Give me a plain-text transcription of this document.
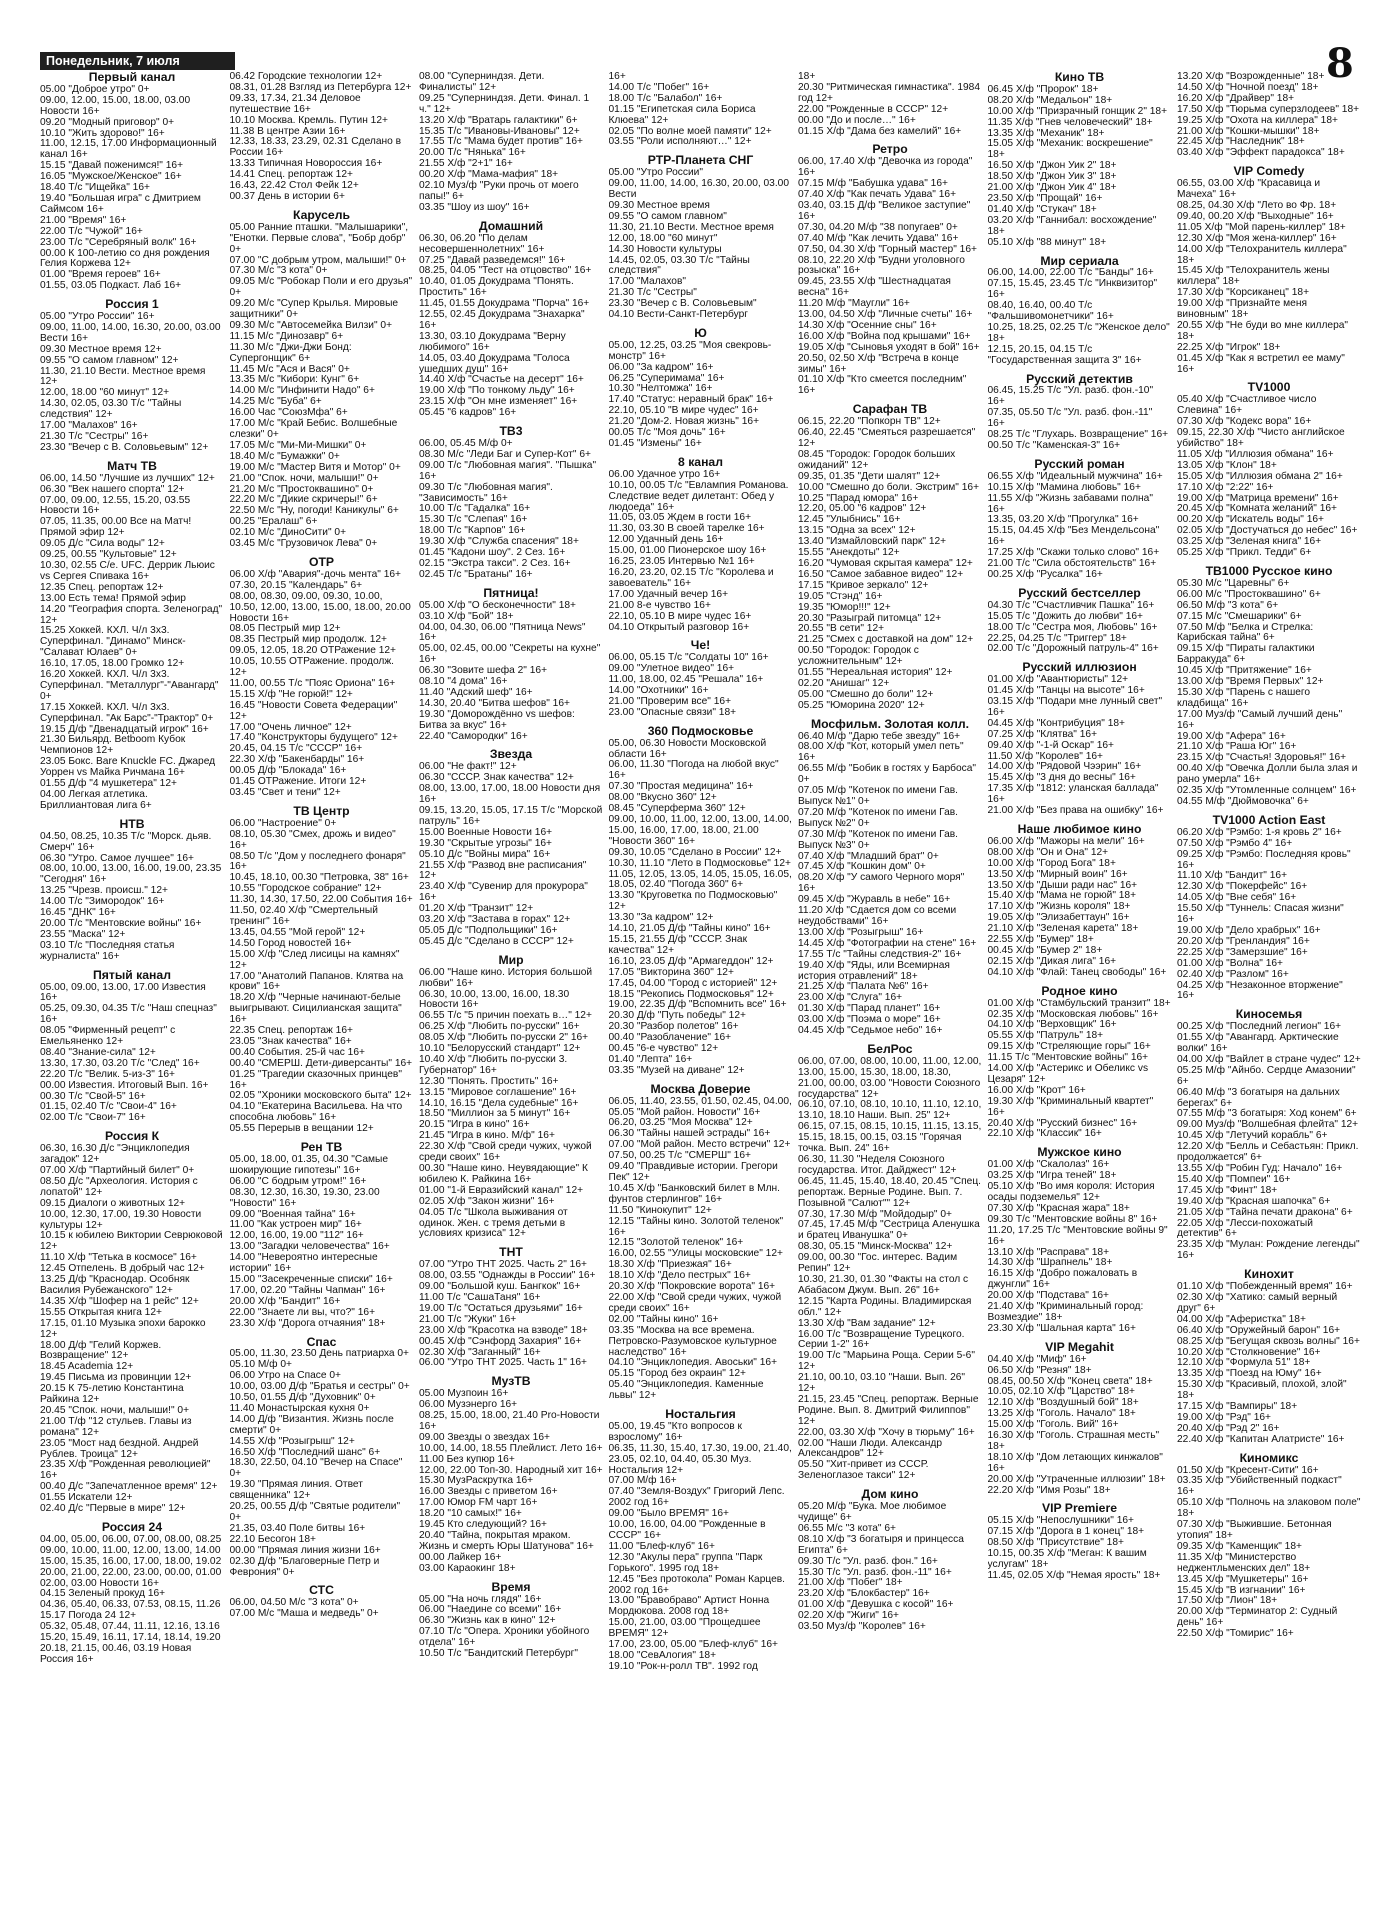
Понедельник, 7 июля	8
Первый канал
05.00 "Доброе утро" 0+
09.00, 12.00, 15.00, 18.00, 03.00 Новости 16+
09.20 "Модный приговор" 0+
10.10 "Жить здорово!" 16+
11.00, 12.15, 17.00 Информационный канал 16+
15.15 "Давай поженимся!" 16+
16.05 "Мужское/Женское" 16+
18.40 Т/с "Ищейка" 16+
19.40 "Большая игра" с Дмитрием Саймсом 16+
21.00 "Время" 16+
22.00 Т/с "Чужой" 16+
23.00 Т/с "Серебряный волк" 16+
00.00 К 100-летию со дня рождения Гелия Коржева 12+
01.00 "Время героев" 16+
01.55, 03.05 Подкаст. Лаб 16+
Россия 1
05.00 "Утро России" 16+
09.00, 11.00, 14.00, 16.30, 20.00, 03.00 Вести 16+
09.30 Местное время 12+
09.55 "О самом главном" 12+
11.30, 21.10 Вести. Местное время 12+
12.00, 18.00 "60 минут" 12+
14.30, 02.05, 03.30 Т/с "Тайны следствия" 12+
17.00 "Малахов" 16+
21.30 Т/с "Сестры" 16+
23.30 "Вечер с В. Соловьевым" 12+
Матч ТВ
06.00, 14.50 "Лучшие из лучших" 12+
06.30 "Век нашего спорта" 12+
07.00, 09.00, 12.55, 15.20, 03.55 Новости 16+
07.05, 11.35, 00.00 Все на Матч! Прямой эфир 12+
09.05 Д/с "Сила воды" 12+
09.25, 00.55 "Культовые" 12+
10.30, 02.55 С/е. UFC. Деррик Льюис vs Сергея Спивака 16+
12.35 Спец. репортаж 12+
13.00 Есть тема! Прямой эфир
14.20 "География спорта. Зеленоград" 12+
15.25 Хоккей. КХЛ. Ч/л 3х3. Суперфинал. "Динамо" Минск-"Салават Юлаев" 0+
16.10, 17.05, 18.00 Громко 12+
16.20 Хоккей. КХЛ. Ч/л 3х3. Суперфинал. "Металлург"-"Авангард" 0+
17.15 Хоккей. КХЛ. Ч/л 3х3. Суперфинал. "Ак Барс"-"Трактор" 0+
19.15 Д/ф "Двенадцатый игрок" 16+
21.30 Бильярд. Betboom Кубок Чемпионов 12+
23.05 Бокс. Bare Knuckle FC. Джаред Уоррен vs Майка Ричмана 16+
01.55 Д/ф "4 мушкетера" 12+
04.00 Легкая атлетика. Бриллиантовая лига 6+
НТВ
04.50, 08.25, 10.35 Т/с "Морск. дьяв. Смерч" 16+
06.30 "Утро. Самое лучшее" 16+
08.00, 10.00, 13.00, 16.00, 19.00, 23.35 "Сегодня" 16+
13.25 "Чрезв. происш." 12+
14.00 Т/с "Зимородок" 16+
16.45 "ДНК" 16+
20.00 Т/с "Ментовские войны" 16+
23.55 "Маска" 12+
03.10 Т/с "Последняя статья журналиста" 16+
Пятый канал
05.00, 09.00, 13.00, 17.00 Известия 16+
05.25, 09.30, 04.35 Т/с "Наш спецназ" 16+
08.05 "Фирменный рецепт" с Емельяненко 12+
08.40 "Знание-сила" 12+
13.30, 17.30, 03.20 Т/с "След" 16+
22.20 Т/с "Велик. 5-из-3" 16+
00.00 Известия. Итоговый Вып. 16+
00.30 Т/с "Свой-5" 16+
01.15, 02.40 Т/с "Свои-4" 16+
02.00 Т/с "Свои-7" 16+
Россия К
06.30, 16.30 Д/с "Энциклопедия загадок" 12+
07.00 Х/ф "Партийный билет" 0+
08.50 Д/с "Археология. История с лопатой" 12+
09.15 Диалоги о животных 12+
10.00, 12.30, 17.00, 19.30 Новости культуры 12+
10.15 к юбилею Виктории Севрюковой 12+
11.10 Х/ф "Тетька в космосе" 16+
12.45 Отпелень. В добрый час 12+
13.25 Д/ф "Краснодар. Особняк Василия Рубежанского" 12+
14.35 Х/ф "Шофер на 1 рейс" 12+
15.55 Открытая книга 12+
17.15, 01.10 Музыка эпохи барокко 12+
18.00 Д/ф "Гелий Коржев. Возвращение" 12+
18.45 Academia 12+
19.45 Письма из провинции 12+
20.15 К 75-летию Константина Райкина 12+
20.45 "Спок. ночи, малыши!" 0+
21.00 Т/ф "12 стульев. Главы из романа" 12+
23.05 "Мост над бездной. Андрей Рублев. Троица" 12+
23.35 Х/ф "Рожденная революцией" 16+
00.40 Д/с "Запечатленное время" 12+
01.55 Искатели 12+
02.40 Д/с "Первые в мире" 12+
Россия 24
04.00, 05.00, 06.00, 07.00, 08.00, 08.25 09.00, 10.00, 11.00, 12.00, 13.00, 14.00 15.00, 15.35, 16.00, 17.00, 18.00, 19.02 20.00, 21.00, 22.00, 23.00, 00.00, 01.00 02.00, 03.00 Новости 16+
04.15 Зеленый прокуд 16+
04.36, 05.40, 06.33, 07.53, 08.15, 11.26 15.17 Погода 24 12+
05.32, 05.48, 07.44, 11.11, 12.16, 13.16 15.20, 15.49, 16.11, 17.14, 18.14, 19.20 20.18, 21.15, 00.46, 03.19 Новая Россия 16+
06.42 Городские технологии 12+
08.31, 01.28 Взгляд из Петербурга 12+
09.33, 17.34, 21.34 Деловое путешествие 16+
10.10 Москва. Кремль. Путин 12+
11.38 В центре Азии 16+
12.33, 18.33, 23.29, 02.31 Сделано в России 16+
13.33 Типичная Новороссия 16+
14.41 Спец. репортаж 12+
16.43, 22.42 Стол Фейк 12+
00.37 День в истории 6+
Карусель
05.00 Ранние пташки. "Малышарики", "Енотки. Первые слова", "Бобр добр" 0+
07.00 "С добрым утром, малыши!" 0+
07.30 М/с "3 кота" 0+
09.05 М/с "Робокар Поли и его друзья" 0+
09.20 М/с "Супер Крылья. Мировые защитники" 0+
09.30 М/с "Автосемейка Вилзи" 0+
11.15 М/с "Динозавр" 6+
11.30 М/с "Джи-Джи Бонд: Супергонщик" 6+
11.45 М/с "Ася и Вася" 0+
13.35 М/с "Кибори: Кунг" 6+
14.00 М/с "Инфинити Надо" 6+
14.25 М/с "Буба" 6+
16.00 Час "СоюзМфа" 6+
17.00 М/с "Край Бебис. Волшебные слезки" 0+
17.05 М/с "Ми-Ми-Мишки" 0+
18.40 М/с "Бумажки" 0+
19.00 М/с "Мастер Витя и Мотор" 0+
21.00 "Спок. ночи, малыши!" 0+
21.20 М/с "Простоквашино" 0+
22.20 М/с "Дикие скричеры!" 6+
22.50 М/с "Ну, погоди! Каникулы" 6+
00.25 "Ералаш" 6+
02.10 М/с "ДиноСити" 0+
03.45 М/с "Грузовичок Лева" 0+
ОТР
06.00 Х/ф "Авария"-дочь мента" 16+
07.30, 20.15 "Календарь" 6+
08.00, 08.30, 09.00, 09.30, 10.00, 10.50, 12.00, 13.00, 15.00, 18.00, 20.00 Новости 16+
08.05 Пестрый мир 12+
08.35 Пестрый мир продолж. 12+
09.05, 12.05, 18.20 ОТРажение 12+
10.05, 10.55 ОТРажение. продолж. 12+
11.00, 00.55 Т/с "Пояс Ориона" 16+
15.15 Х/ф "Не горюй!" 12+
16.45 "Новости Совета Федерации" 12+
17.00 "Очень личное" 12+
17.40 "Конструкторы будущего" 12+
20.45, 04.15 Т/с "СССР" 16+
22.30 Х/ф "Бакенбарды" 16+
00.05 Д/ф "Блокада" 16+
01.45 ОТРажение. Итоги 12+
03.45 "Свет и тени" 12+
ТВ Центр
06.00 "Настроение" 0+
08.10, 05.30 "Смех, дрожь и видео" 16+
08.50 Т/с "Дом у последнего фонаря" 16+
10.45, 18.10, 00.30 "Петровка, 38" 16+
10.55 "Городское собрание" 12+
11.30, 14.30, 17.50, 22.00 События 16+
11.50, 02.40 Х/ф "Смертельный тренинг" 16+
13.45, 04.55 "Мой герой" 12+
14.50 Город новостей 16+
15.00 Х/ф "След лисицы на камнях" 12+
17.00 "Анатолий Папанов. Клятва на крови" 16+
18.20 Х/ф "Черные начинают-белые выигрывают. Сицилианская защита" 16+
22.35 Спец. репортаж 16+
23.05 "Знак качества" 16+
00.40 События. 25-й час 16+
00.40 "СМЕРШ. Дети-диверсанты" 16+
01.25 "Трагедии сказочных принцев" 16+
02.05 "Хроники московского быта" 12+
04.10 "Екатерина Васильева. На что способна любовь" 16+
05.55 Перерыв в вещании 12+
Рен ТВ
05.00, 18.00, 01.35, 04.30 "Самые шокирующие гипотезы" 16+
06.00 "С бодрым утром!" 16+
08.30, 12.30, 16.30, 19.30, 23.00 "Новости" 16+
09.00 "Военная тайна" 16+
11.00 "Как устроен мир" 16+
12.00, 16.00, 19.00 "112" 16+
13.00 "Загадки человечества" 16+
14.00 "Невероятно интересные истории" 16+
15.00 "Засекреченные списки" 16+
17.00, 02.20 "Тайны Чапман" 16+
20.00 Х/ф "Бандит" 16+
22.00 "Знаете ли вы, что?" 16+
23.30 Х/ф "Дорога отчаяния" 18+
Спас
05.00, 11.30, 23.50 День патриарха 0+
05.10 М/ф 0+
06.00 Утро на Спасе 0+
10.00, 03.00 Д/ф "Братья и сестры" 0+
10.50, 01.55 Д/ф "Духовник" 0+
11.40 Монастырская кухня 0+
14.00 Д/ф "Византия. Жизнь после смерти" 0+
14.55 Х/ф "Розыгрыш" 12+
16.50 Х/ф "Последний шанс" 6+
18.30, 22.50, 04.10 "Вечер на Спасе" 0+
19.30 "Прямая линия. Ответ священника" 12+
20.25, 00.55 Д/ф "Святые родители" 0+
21.35, 03.40 Поле битвы 16+
22.10 Бесогон 18+
00.00 "Прямая линия жизни 16+
02.30 Д/ф "Благоверные Петр и Феврония" 0+
СТС
06.00, 04.50 М/с "3 кота" 0+
07.00 М/с "Маша и медведь" 0+
08.00 "Суперниндзя. Дети. Финалисты" 12+
09.25 "Суперниндзя. Дети. Финал. 1 ч." 12+
13.20 Х/ф "Вратарь галактики" 6+
15.35 Т/с "Ивановы-Ивановы" 12+
17.55 Т/с "Мама будет против" 16+
20.00 Т/с "Нянька" 16+
21.55 Х/ф "2+1" 16+
00.20 Х/ф "Мама-мафия" 18+
02.10 Муз/ф "Руки прочь от моего папы!" 6+
03.35 "Шоу из шоу" 16+
Домашний
06.30, 06.20 "По делам несовершеннолетних" 16+
07.25 "Давай разведемся!" 16+
08.25, 04.05 "Тест на отцовство" 16+
10.40, 01.05 Докудрама "Понять. Простить" 16+
11.45, 01.55 Докудрама "Порча" 16+
12.55, 02.45 Докудрама "Знахарка" 16+
13.30, 03.10 Докудрама "Верну любимого" 16+
14.05, 03.40 Докудрама "Голоса ушедших душ" 16+
14.40 Х/ф "Счастье на десерт" 16+
19.00 Х/ф "По тонкому льду" 16+
23.15 Х/ф "Он мне изменяет" 16+
05.45 "6 кадров" 16+
ТВ3
06.00, 05.45 М/ф 0+
08.30 М/с "Леди Баг и Супер-Кот" 6+
09.00 Т/с "Любовная магия". "Пышка" 16+
09.30 Т/с "Любовная магия". "Зависимость" 16+
10.00 Т/с "Гадалка" 16+
15.30 Т/с "Слепая" 16+
18.00 Т/с "Карпов" 16+
19.30 Х/ф "Служба спасения" 18+
01.45 "Кадони шоу". 2 Сез. 16+
02.15 "Экстра такси". 2 Сез. 16+
02.45 Т/с "Братаны" 16+
Пятница!
05.00 Х/ф "О бесконечности" 18+
03.10 Х/ф "Бой" 18+
04.00, 04.30, 06.00 "Пятница News" 16+
05.00, 02.45, 00.00 "Секреты на кухне" 16+
06.30 "Зовите шефа 2" 16+
08.10 "4 дома" 16+
11.40 "Адский шеф" 16+
14.30, 20.40 "Битва шефов" 16+
19.30 "Доморождённо vs шефов: Битва за вкус" 16+
22.40 "Самородки" 16+
Звезда
06.00 "Не факт!" 12+
06.30 "СССР. Знак качества" 12+
08.00, 13.00, 17.00, 18.00 Новости дня 16+
09.15, 13.20, 15.05, 17.15 Т/с "Морской патруль" 16+
15.00 Военные Новости 16+
19.30 "Скрытые угрозы" 16+
05.10 Д/с "Войны мира" 16+
21.55 Х/ф "Развод вне расписания" 12+
23.40 Х/ф "Сувенир для прокурора" 16+
01.20 Х/ф "Транзит" 12+
03.20 Х/ф "Застава в горах" 12+
05.05 Д/с "Подпольщики" 16+
05.45 Д/с "Сделано в СССР" 12+
Мир
06.00 "Наше кино. История большой любви" 16+
06.30, 10.00, 13.00, 16.00, 18.30 Новости 16+
06.55 Т/с "5 причин поехать в…" 12+
06.25 Х/ф "Любить по-русски" 16+
08.05 Х/ф "Любить по-русски 2" 16+
10.10 "Белорусский стандарт" 12+
10.40 Х/ф "Любить по-русски 3. Губернатор" 16+
12.30 "Понять. Простить" 16+
13.15 "Мировое соглашение" 16+
14.10, 16.15 "Дела судебные" 16+
18.50 "Миллион за 5 минут" 16+
20.15 "Игра в кино" 16+
21.45 "Игра в кино. М/ф" 16+
22.30 Х/ф "Свой среди чужих, чужой среди своих" 16+
00.30 "Наше кино. Неувядающие" К юбилею К. Райкина 16+
01.00 "1-й Евразийский канал" 12+
02.05 Х/ф "Закон жизни" 16+
04.05 Т/с "Школа выживания от одинок. Жен. с тремя детьми в условиях кризиса" 12+
ТНТ
07.00 "Утро ТНТ 2025. Часть 2" 16+
08.00, 03.55 "Однажды в России" 16+
09.00 "Большой куш. Бангкок" 16+
11.00 Т/с "СашаТаня" 16+
19.00 Т/с "Остаться друзьями" 16+
21.00 Т/с "Жуки" 16+
23.00 Х/ф "Красотка на взводе" 18+
00.45 Х/ф "Сэнфорд Захария" 16+
02.30 Х/ф "Заганный" 16+
06.00 "Утро ТНТ 2025. Часть 1" 16+
МузТВ
05.00 Музпоин 16+
06.00 Музэнерго 16+
08.25, 15.00, 18.00, 21.40 Pro-Новости 16+
09.00 Звезды о звездах 16+
10.00, 14.00, 18.55 Плейлист. Лето 16+
11.00 Без купюр 16+
12.00, 22.00 Топ-30. Народный хит 16+
15.30 МузРаскрутка 16+
16.00 Звезды с приветом 16+
17.00 Юмор FM чарт 16+
18.20 "10 самых!" 16+
19.45 Кто следующий? 16+
20.40 "Тайна, покрытая мраком. Жизнь и смерть Юры Шатунова" 16+
00.00 Лайкер 16+
03.00 Караокинг 18+
Время
05.00 "На ночь глядя" 16+
06.00 "Наедине со всеми" 16+
06.30 "Жизнь как в кино" 12+
07.10 Т/с "Опера. Хроники убойного отдела" 16+
10.50 Т/с "Бандитский Петербург"
16+
14.00 Т/с "Побег" 16+
18.00 Т/с "Балабол" 16+
01.15 "Египетская сила Бориса Клюева" 12+
02.05 "По волне моей памяти" 12+
03.55 "Роли исполняют…" 12+
РТР-Планета СНГ
05.00 "Утро России"
09.00, 11.00, 14.00, 16.30, 20.00, 03.00 Вести
09.30 Местное время
09.55 "О самом главном"
11.30, 21.10 Вести. Местное время
12.00, 18.00 "60 минут"
14.30 Новости культуры
14.45, 02.05, 03.30 Т/с "Тайны следствия"
17.00 "Малахов"
21.30 Т/с "Сестры"
23.30 "Вечер с В. Соловьевым"
04.10 Вести-Санкт-Петербург
Ю
05.00, 12.25, 03.25 "Моя свекровь-монстр" 16+
06.00 "За кадром" 16+
06.25 "Суперимама" 16+
10.30 "Нелтомжа" 16+
17.40 "Статус: неравный брак" 16+
22.10, 05.10 "В мире чудес" 16+
21.20 "Дом-2. Новая жизнь" 16+
00.05 Т/с "Моя дочь" 16+
01.45 "Измены" 16+
8 канал
06.00 Удачное утро 16+
10.10, 00.05 Т/с "Евлампия Романова. Следствие ведет дилетант: Обед у людоеда" 16+
11.05, 03.05 Ждем в гости 16+
11.30, 03.30 В своей тарелке 16+
12.00 Удачный день 16+
15.00, 01.00 Пионерское шоу 16+
16.25, 23.05 Интервью №1 16+
16.20, 23.20, 02.15 Т/с "Королева и завоеватель" 16+
17.00 Удачный вечер 16+
21.00 8-е чувство 16+
22.10, 05.10 В мире чудес 16+
04.10 Открытый разговор 16+
Че!
06.00, 05.15 Т/с "Солдаты 10" 16+
09.00 "Улетное видео" 16+
11.00, 18.00, 02.45 "Решала" 16+
14.00 "Охотники" 16+
21.00 "Проверим все" 16+
23.00 "Опасные связи" 18+
360 Подмосковье
05.00, 06.30 Новости Московской области 16+
06.00, 11.30 "Погода на любой вкус" 16+
07.30 "Простая медицина" 16+
08.00 "Вкусно 360" 12+
08.45 "Суперферма 360" 12+
09.00, 10.00, 11.00, 12.00, 13.00, 14.00, 15.00, 16.00, 17.00, 18.00, 21.00 "Новости 360" 16+
09.30, 10.05 "Сделано в России" 12+
10.30, 11.10 "Лето в Подмосковье" 12+
11.05, 12.05, 13.05, 14.05, 15.05, 16.05, 18.05, 02.40 "Погода 360" 6+
13.30 "Круговетка по Подмосковью" 12+
13.30 "За кадром" 12+
14.10, 21.05 Д/ф "Тайны кино" 16+
15.15, 21.55 Д/ф "СССР. Знак качества" 12+
16.10, 23.05 Д/ф "Армагеддон" 12+
17.05 "Викторина 360" 12+
17.45, 04.00 "Город с историей" 12+
18.15 "Рекопись Подмосковья" 12+
19.00, 22.35 Д/ф "Вспомнить все" 16+
20.30 Д/ф "Путь победы" 12+
20.30 "Разбор полетов" 16+
00.40 "Разоблачение" 16+
00.45 "6-е чувство" 12+
01.40 "Лепта" 16+
03.35 "Музей на диване" 12+
Москва Доверие
06.05, 11.40, 23.55, 01.50, 02.45, 04.00, 05.05 "Мой район. Новости" 16+
06.20, 03.25 "Моя Москва" 12+
06.30 "Тайны нашей эстрады" 16+
07.00 "Мой район. Место встречи" 12+
07.50, 00.25 Т/с "СМЕРШ" 16+
09.40 "Правдивые истории. Грегори Пек" 12+
10.45 Х/ф "Банковский билет в Млн. фунтов стерлингов" 16+
11.50 "Кинокупит" 12+
12.15 "Тайны кино. Золотой теленок" 16+
12.15 "Золотой теленок" 16+
16.00, 02.55 "Улицы московские" 12+
18.30 Х/ф "Приезжая" 16+
18.10 Х/ф "Дело пестрых" 16+
20.30 Х/ф "Покровские ворота" 16+
22.00 Х/ф "Свой среди чужих, чужой среди своих" 16+
02.00 "Тайны кино" 16+
03.35 "Москва на все времена. Петровско-Разумовское культурное наследство" 16+
04.10 "Энциклопедия. Авоськи" 16+
05.15 "Город без окраин" 12+
05.40 "Энциклопедия. Каменные львы" 12+
Ностальгия
05.00, 19.45 "Кто вопросов к взрослому" 16+
06.35, 11.30, 15.40, 17.30, 19.00, 21.40, 23.05, 02.10, 04.40, 05.30 Муз. Ностальгия 12+
07.00 М/ф 16+
07.40 "Земля-Воздух" Григорий Лепс. 2002 год 16+
09.00 "Было ВРЕМЯ" 16+
10.00, 16.00, 04.00 "Рожденные в СССР" 16+
11.00 "Блеф-клуб" 16+
12.30 "Акулы пера" группа "Парк Горького". 1995 год 18+
12.45 "Без протокола" Роман Карцев. 2002 год 16+
13.00 "Бравобраво" Артист Нонна Мордюкова. 2008 год 18+
15.00, 21.00, 03.00 "Прощедшее ВРЕМЯ" 12+
17.00, 23.00, 05.00 "Блеф-клуб" 16+
18.00 "СевАлогия" 18+
19.10 "Рок-н-ролл ТВ". 1992 год
18+
20.30 "Ритмическая гимнастика". 1984 год 12+
22.00 "Рожденные в СССР" 12+
00.00 "До и после…" 16+
01.15 Х/ф "Дама без камелий" 16+
Ретро
06.00, 17.40 Х/ф "Девочка из города" 16+
07.15 М/ф "Бабушка удава" 16+
07.40 Х/ф "Как печать Удава" 16+
03.40, 03.15 Д/ф "Великое заступие" 16+
07.30, 04.20 М/ф "38 попугаев" 0+
07.40 М/ф "Как лечить Удава" 16+
07.50, 04.30 Х/ф "Горный мастер" 16+
08.10, 22.20 Х/ф "Будни уголовного розыска" 16+
09.45, 23.55 Х/ф "Шестнадцатая весна" 16+
11.20 М/ф "Маугли" 16+
13.00, 04.50 Х/ф "Личные счеты" 16+
14.30 Х/ф "Осенние сны" 16+
16.00 Х/ф "Война под крышами" 16+
19.05 Х/ф "Сыновья уходят в бой" 16+
20.50, 02.50 Х/ф "Встреча в конце зимы" 16+
01.10 Х/ф "Кто смеется последним" 16+
Сарафан ТВ
06.15, 22.20 "Попкорн ТВ" 12+
06.40, 22.45 "Смеяться разрешается" 12+
08.45 "Городок: Городок больших ожиданий" 12+
09.35, 01.35 "Дети шалят" 12+
10.00 "Смешно до боли. Экстрим" 16+
10.25 "Парад юмора" 16+
12.20, 05.00 "6 кадров" 12+
12.45 "Улыбнись" 16+
13.15 "Одна за всех" 12+
13.40 "Измайловский парк" 12+
15.55 "Анекдоты" 12+
16.20 "Чумовая скрытая камера" 12+
16.50 "Самое забавное видео" 12+
17.15 "Кривое зеркало" 12+
19.05 "Стэнд" 16+
19.35 "Юмор!!!" 12+
20.30 "Разыграй питомца" 12+
20.55 "В сети" 12+
21.25 "Смех с доставкой на дом" 12+
00.50 "Городок: Городок с усложнительным" 12+
01.55 "Нереальная история" 12+
02.20 "Анишаг" 12+
05.00 "Смешно до боли" 12+
05.25 "Юморина 2020" 12+
Мосфильм. Золотая колл.
06.40 М/ф "Дарю тебе звезду" 16+
08.00 Х/ф "Кот, который умел петь" 16+
06.55 М/ф "Бобик в гостях у Барбоса" 0+
07.05 М/ф "Котенок по имени Гав. Выпуск №1" 0+
07.20 М/ф "Котенок по имени Гав. Выпуск №2" 0+
07.30 М/ф "Котенок по имени Гав. Выпуск №3" 0+
07.40 Х/ф "Младший брат" 0+
07.45 Х/ф "Кошкин дом" 0+
08.20 Х/ф "У самого Черного моря" 16+
09.45 Х/ф "Журавль в небе" 16+
11.20 Х/ф "Сдается дом со всеми неудобствами" 16+
13.00 Х/ф "Розыгрыш" 16+
14.45 Х/ф "Фотографии на стене" 16+
17.55 Т/с "Тайны следствия-2" 16+
19.40 Х/ф "Яды, или Всемирная история отравлений" 18+
21.25 Х/ф "Палата №6" 16+
23.00 Х/ф "Слуга" 16+
01.30 Х/ф "Парад планет" 16+
03.00 Х/ф "Поэма о море" 16+
04.45 Х/ф "Седьмое небо" 16+
БелРос
06.00, 07.00, 08.00, 10.00, 11.00, 12.00, 13.00, 15.00, 15.30, 18.00, 18.30, 21.00, 00.00, 03.00 "Новости Союзного государства" 12+
06.10, 07.10, 08.10, 10.10, 11.10, 12.10, 13.10, 18.10 Наши. Вып. 25" 12+
06.15, 07.15, 08.15, 10.15, 11.15, 13.15, 15.15, 18.15, 00.15, 03.15 "Горячая точка. Вып. 24" 16+
06.30, 11.30 "Неделя Союзного государства. Итог. Дайджест" 12+
06.45, 11.45, 15.40, 18.40, 20.45 "Спец. репортаж. Верные Родине. Вып. 7. Позывной "Салют"" 12+
07.30, 17.30 М/ф "Мойдодыр" 0+
07.45, 17.45 М/ф "Сестрица Аленушка и братец Иванушка" 0+
08.30, 05.15 "Минск-Москва" 12+
09.00, 00.30 "Гос. интерес. Вадим Репин" 12+
10.30, 21.30, 01.30 "Факты на стол с Абабасом Джум. Вып. 26" 16+
12.15 "Карта Родины. Владимирская обл." 12+
13.30 Х/ф "Вам задание" 12+
16.00 Т/с "Возвращение Турецкого. Серии 1-2" 16+
19.00 Т/с "Марьина Роща. Серии 5-6" 12+
21.10, 00.10, 03.10 "Наши. Вып. 26" 12+
21.15, 23.45 "Спец. репортаж. Верные Родине. Вып. 8. Дмитрий Филиппов" 12+
22.00, 03.30 Х/ф "Хочу в тюрьму" 16+
02.00 "Наши Люди. Александр Александров" 12+
05.50 "Хит-привет из СССР. Зеленоглазое такси" 12+
Дом кино
05.20 М/ф "Бука. Мое любимое чудище" 6+
06.55 М/с "3 кота" 6+
08.10 Х/ф "3 богатыря и принцесса Египта" 6+
09.30 Т/с "Ул. разб. фон." 16+
15.30 Т/с "Ул. разб. фон.-11" 16+
21.00 Х/ф "Побег" 18+
23.20 Х/ф "Блокбастер" 16+
01.00 Х/ф "Девушка с косой" 16+
02.20 Х/ф "Жиги" 16+
03.50 Муз/ф "Королев" 16+
Кино ТВ
06.45 Х/ф "Пророк" 18+
08.20 Х/ф "Медальон" 18+
10.00 Х/ф "Призрачный гонщик 2" 18+
11.35 Х/ф "Гнев человеческий" 18+
13.35 Х/ф "Механик" 18+
15.05 Х/ф "Механик: воскрешение" 18+
16.50 Х/ф "Джон Уик 2" 18+
18.50 Х/ф "Джон Уик 3" 18+
21.00 Х/ф "Джон Уик 4" 18+
23.50 Х/ф "Прощай" 16+
01.40 Х/ф "Стукач" 18+
03.20 Х/ф "Ганнибал: восхождение" 18+
05.10 Х/ф "88 минут" 18+
Мир сериала
06.00, 14.00, 22.00 Т/с "Банды" 16+
07.15, 15.45, 23.45 Т/с "Инквизитор" 16+
08.40, 16.40, 00.40 Т/с "Фальшивомонетчики" 16+
10.25, 18.25, 02.25 Т/с "Женское дело" 18+
12.15, 20.15, 04.15 Т/с "Государственная защита 3" 16+
Русский детектив
06.45, 15.25 Т/с "Ул. разб. фон.-10" 16+
07.35, 05.50 Т/с "Ул. разб. фон.-11" 16+
08.25 Т/с "Глухарь. Возвращение" 16+
00.50 Т/с "Каменская-3" 16+
Русский роман
06.55 Х/ф "Идеальный мужчина" 16+
10.15 Х/ф "Мамина любовь" 16+
11.55 Х/ф "Жизнь забавами полна" 16+
13.35, 03.20 Х/ф "Прогулка" 16+
15.15, 04.45 Х/ф "Без Мендельсона" 16+
17.25 Х/ф "Скажи только слово" 16+
21.00 Т/с "Сила обстоятельств" 16+
00.25 Х/ф "Русалка" 16+
Русский бестселлер
04.30 Т/с "Счастливчик Пашка" 16+
15.05 Т/с "Дожить до любви" 16+
18.00 Т/с "Сестра моя, Любовь" 16+
22.25, 04.25 Т/с "Триггер" 18+
02.00 Т/с "Дорожный патруль-4" 16+
Русский иллюзион
01.00 Х/ф "Авантюристы" 12+
01.45 Х/ф "Танцы на высоте" 16+
03.15 Х/ф "Подари мне лунный свет" 16+
04.45 Х/ф "Контрибуция" 18+
07.25 Х/ф "Клятва" 16+
09.40 Х/ф "-1-й Оскар" 16+
11.50 Х/ф "Королев" 16+
14.00 Х/ф "Рядовой Чээрин" 16+
15.45 Х/ф "3 дня до весны" 16+
17.35 Х/ф "1812: уланская баллада" 16+
21.00 Х/ф "Без права на ошибку" 16+
Наше любимое кино
06.00 Х/ф "Мажоры на мели" 16+
08.00 Х/ф "Он и Она" 12+
10.00 Х/ф "Город Бога" 18+
13.50 Х/ф "Мирный воин" 16+
13.50 Х/ф "Дыши ради нас" 16+
15.40 Х/ф "Мама не горюй" 18+
17.10 Х/ф "Жизнь короля" 18+
19.05 Х/ф "Элизабеттаун" 16+
21.10 Х/ф "Зеленая карета" 18+
22.55 Х/ф "Бумер" 18+
00.45 Х/ф "Бумер 2" 18+
02.15 Х/ф "Дикая лига" 16+
04.10 Х/ф "Флай: Танец свободы" 16+
Родное кино
01.00 Х/ф "Стамбульский транзит" 18+
02.35 Х/ф "Московская любовь" 16+
04.10 Х/ф "Верховщик" 16+
05.55 Х/ф "Патруль" 18+
09.15 Х/ф "Стреляющие горы" 16+
11.15 Т/с "Ментовские войны" 16+
14.00 Х/ф "Астерикс и Обеликс vs Цезаря" 12+
16.00 Х/ф "Крот" 16+
19.30 Х/ф "Криминальный квартет" 16+
20.40 Х/ф "Русский бизнес" 16+
22.10 Х/ф "Классик" 16+
Мужское кино
01.00 Х/ф "Скалолаз" 16+
03.25 Х/ф "Игра теней" 18+
05.10 Х/ф "Во имя короля: История осады подземелья" 12+
07.30 Х/ф "Красная жара" 18+
09.30 Т/с "Ментовские войны 8" 16+
11.20, 17.25 Т/с "Ментовские войны 9" 16+
13.10 Х/ф "Расправа" 18+
14.30 Х/ф "Шрапнель" 18+
16.15 Х/ф "Добро пожаловать в джунгли" 16+
20.00 Х/ф "Подстава" 16+
21.40 Х/ф "Криминальный город: Возмездие" 18+
23.30 Х/ф "Шальная карта" 16+
VIP Megahit
04.40 Х/ф "Миф" 16+
06.50 Х/ф "Резня" 18+
08.45, 00.50 Х/ф "Конец света" 18+
10.05, 02.10 Х/ф "Царство" 18+
12.10 Х/ф "Воздушный бой" 18+
13.25 Х/ф "Гоголь. Начало" 18+
15.00 Х/ф "Гоголь. Вий" 16+
16.30 Х/ф "Гоголь. Страшная месть" 18+
18.10 Х/ф "Дом летающих кинжалов" 16+
20.00 Х/ф "Утраченные иллюзии" 18+
22.20 Х/ф "Имя Розы" 18+
VIP Premiere
05.15 Х/ф "Непослушники" 16+
07.15 Х/ф "Дорога в 1 конец" 18+
08.50 Х/ф "Присутствие" 18+
10.15, 00.35 Х/ф "Меган: К вашим услугам" 18+
11.45, 02.05 Х/ф "Немая ярость" 18+
13.20 Х/ф "Возрожденные" 18+
14.50 Х/ф "Ночной поезд" 18+
16.20 Х/ф "Драйвер" 18+
17.50 Х/ф "Тюрьма суперзлодеев" 18+
19.25 Х/ф "Охота на киллера" 18+
21.00 Х/ф "Кошки-мышки" 18+
22.45 Х/ф "Наследник" 18+
03.40 Х/ф "Эффект парадокса" 18+
VIP Comedy
06.55, 03.00 Х/ф "Красавица и Мачеха" 16+
08.25, 04.30 Х/ф "Лето во Фр. 18+
09.40, 00.20 Х/ф "Выходные" 16+
11.05 Х/ф "Мой парень-киллер" 18+
12.30 Х/ф "Моя жена-киллер" 16+
14.00 Х/ф "Телохранитель киллера" 18+
15.45 Х/ф "Телохранитель жены киллера" 18+
17.30 Х/ф "Корсиканец" 18+
19.00 Х/ф "Признайте меня виновным" 18+
20.55 Х/ф "Не буди во мне киллера" 18+
22.25 Х/ф "Игрок" 18+
01.45 Х/ф "Как я встретил ее маму" 16+
TV1000
05.40 Х/ф "Счастливое число Слевина" 16+
07.30 Х/ф "Кодекс вора" 16+
09.15, 22.30 Х/ф "Чисто английское убийство" 18+
11.05 Х/ф "Иллюзия обмана" 16+
13.05 Х/ф "Клон" 18+
15.05 Х/ф "Иллюзия обмана 2" 16+
17.10 Х/ф "2:22" 16+
19.00 Х/ф "Матрица времени" 16+
20.45 Х/ф "Комната желаний" 16+
00.20 Х/ф "Искатель воды" 16+
02.05 Х/ф "Достучаться до небес" 16+
03.25 Х/ф "Зеленая книга" 16+
05.25 Х/ф "Прикл. Тедди" 6+
TB1000 Русское кино
05.30 М/с "Царевны" 6+
06.00 М/с "Простоквашино" 6+
06.50 М/ф "3 кота" 6+
07.15 М/с "Смешарики" 6+
07.50 М/ф "Белка и Стрелка: Карибская тайна" 6+
09.15 Х/ф "Пираты галактики Барракуда" 6+
10.45 Х/ф "Притяжение" 16+
13.00 Х/ф "Время Первых" 12+
15.30 Х/ф "Парень с нашего кладбища" 16+
17.00 Муз/ф "Самый лучший день" 16+
19.00 Х/ф "Афера" 16+
21.10 Х/ф "Раша Юг" 16+
23.15 Х/ф "Счастья! Здоровья!" 16+
00.40 Х/ф "Овечка Долли была злая и рано умерла" 16+
02.35 Х/ф "Утомленные солнцем" 16+
04.55 М/ф "Дюймовочка" 6+
TV1000 Action East
06.20 Х/ф "Рэмбо: 1-я кровь 2" 16+
07.50 Х/ф "Рэмбо 4" 16+
09.25 Х/ф "Рэмбо: Последняя кровь" 16+
11.10 Х/ф "Бандит" 16+
12.30 Х/ф "Покерфейс" 16+
14.05 Х/ф "Вне себя" 16+
15.50 Х/ф "Туннель: Спасая жизни" 16+
19.00 Х/ф "Дело храбрых" 16+
20.20 Х/ф "Гренландия" 16+
22.25 Х/ф "Замерзшие" 16+
01.00 Х/ф "Волна" 16+
02.40 Х/ф "Разлом" 16+
04.25 Х/ф "Незаконное вторжение" 16+
Киносемья
00.25 Х/ф "Последний легион" 16+
01.55 Х/ф "Авангард. Арктические волки" 16+
04.00 Х/ф "Вайлет в стране чудес" 12+
05.25 М/ф "Айнбо. Сердце Амазонии" 6+
06.40 М/ф "3 богатыря на дальних берегах" 6+
07.55 М/ф "3 богатыря: Ход конем" 6+
09.00 Муз/ф "Волшебная флейта" 12+
10.45 Х/ф "Летучий корабль" 6+
12.20 Х/ф "Белль и Себастьян: Прикл. продолжается" 6+
13.55 Х/ф "Робин Гуд: Начало" 16+
15.40 Х/ф "Помпеи" 16+
17.45 Х/ф "Финт" 18+
19.40 Х/ф "Красная шапочка" 6+
21.05 Х/ф "Тайна печати дракона" 6+
22.05 Х/ф "Лесси-похожатый детектив" 6+
23.35 Х/ф "Мулан: Рождение легенды" 16+
Кинохит
01.10 Х/ф "Побежденный время" 16+
02.30 Х/ф "Хатико: самый верный друг" 6+
04.00 Х/ф "Аферистка" 18+
06.40 Х/ф "Оружейный барон" 16+
08.25 Х/ф "Бегущая сквозь волны" 16+
10.20 Х/ф "Столкновение" 16+
12.10 Х/ф "Формула 51" 18+
13.35 Х/ф "Поезд на Юму" 16+
15.30 Х/ф "Красивый, плохой, злой" 18+
17.15 Х/ф "Вампиры" 18+
19.00 Х/ф "Рэд" 16+
20.40 Х/ф "Рэд 2" 16+
22.40 Х/ф "Капитан Алатристе" 16+
Киномикс
01.50 Х/ф "Кресент-Сити" 16+
03.35 Х/ф "Убийственный подкаст" 16+
05.10 Х/ф "Полночь на злаковом поле" 18+
07.30 Х/ф "Выжившие. Бетонная утопия" 18+
09.35 Х/ф "Каменщик" 18+
11.35 Х/ф "Министерство неджентльменских дел" 18+
13.45 Х/ф "Мушкетеры" 16+
15.45 Х/ф "В изгнании" 16+
17.50 Х/ф "Лион" 18+
20.00 Х/ф "Терминатор 2: Судный день" 16+
22.50 Х/ф "Томирис" 16+
